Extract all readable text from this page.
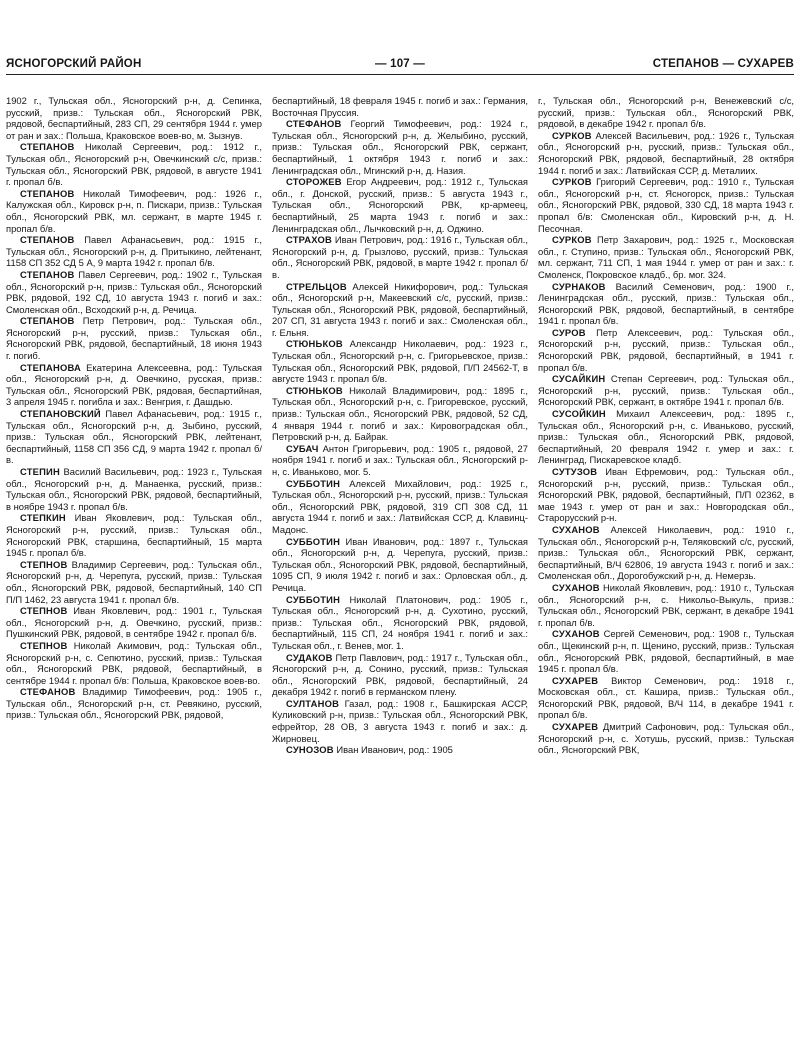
ЯСНОГОРСКИЙ РАЙОН	— 107 —	СТЕПАНОВ — СУХАРЕВ

1902 г., Тульская обл., Ясногорский р-н, д. Сепинка, русский, призв.: Тульская обл., Ясногорский РВК, рядовой, беспартийный, 283 СП, 29 сентября 1944 г. умер от ран и зах.: Польша, Краковское воев-во, м. Зызнув.

СТЕПАНОВ Николай Сергеевич, род.: 1912 г., Тульская обл., Ясногорский р-н, Овечкинский с/с, призв.: Тульская обл., Ясногорский РВК, рядовой, в августе 1941 г. пропал б/в.

СТЕПАНОВ Николай Тимофеевич, род.: 1926 г., Калужская обл., Кировск р-н, п. Пискари, призв.: Тульская обл., Ясногорский РВК, мл. сержант, в марте 1945 г. пропал б/в.

СТЕПАНОВ Павел Афанасьевич, род.: 1915 г., Тульская обл., Ясногорский р-н, д. Притыкино, лейтенант, 1158 СП 352 СД 5 А, 9 марта 1942 г. пропал б/в.

СТЕПАНОВ Павел Сергеевич, род.: 1902 г., Тульская обл., Ясногорский р-н, призв.: Тульская обл., Ясногорский РВК, рядовой, 192 СД, 10 августа 1943 г. погиб и зах.: Смоленская обл., Всходский р-н, д. Речица.

СТЕПАНОВ Петр Петрович, род.: Тульская обл., Ясногорский р-н, русский, призв.: Тульская обл., Ясногорский РВК, рядовой, беспартийный, 18 июня 1943 г. погиб.

СТЕПАНОВА Екатерина Алексеевна, род.: Тульская обл., Ясногорский р-н, д. Овечкино, русская, призв.: Тульская обл., Ясногорский РВК, рядовая, беспартийная, 3 апреля 1945 г. погибла и зах.: Венгрия, г. Дашдью.

СТЕПАНОВСКИЙ Павел Афанасьевич, род.: 1915 г., Тульская обл., Ясногорский р-н, д. Зыбино, русский, призв.: Тульская обл., Ясногорский РВК, лейтенант, беспартийный, 1158 СП 356 СД, 9 марта 1942 г. пропал б/в.

СТЕПИН Василий Васильевич, род.: 1923 г., Тульская обл., Ясногорский р-н, д. Манаенка, русский, призв.: Тульская обл., Ясногорский РВК, рядовой, беспартийный, в ноябре 1943 г. пропал б/в.

СТЕПКИН Иван Яковлевич, род.: Тульская обл., Ясногорский р-н, русский, призв.: Тульская обл., Ясногорский РВК, старшина, беспартийный, 15 марта 1945 г. пропал б/в.

СТЕПНОВ Владимир Сергеевич, род.: Тульская обл., Ясногорский р-н, д. Черепуга, русский, призв.: Тульская обл., Ясногорский РВК, рядовой, беспартийный, 140 СП П/П 1462, 23 августа 1941 г. пропал б/в.

СТЕПНОВ Иван Яковлевич, род.: 1901 г., Тульская обл., Ясногорский р-н, д. Овечкино, русский, призв.: Пушкинский РВК, рядовой, в сентябре 1942 г. пропал б/в.

СТЕПНОВ Николай Акимович, род.: Тульская обл., Ясногорский р-н, с. Сепютино, русский, призв.: Тульская обл., Ясногорский РВК, рядовой, беспартийный, в сентябре 1944 г. пропал б/в: Польша, Краковское воев-во.

СТЕФАНОВ Владимир Тимофеевич, род.: 1905 г., Тульская обл., Ясногорский р-н, ст. Ревякино, русский, призв.: Тульская обл., Ясногорский РВК, рядовой,

беспартийный, 18 февраля 1945 г. погиб и зах.: Германия, Восточная Пруссия.

СТЕФАНОВ Георгий Тимофеевич, род.: 1924 г., Тульская обл., Ясногорский р-н, д. Желыбино, русский, призв.: Тульская обл., Ясногорский РВК, сержант, беспартийный, 1 октября 1943 г. погиб и зах.: Ленинградская обл., Мгинский р-н, д. Назия.

СТОРОЖЕВ Егор Андреевич, род.: 1912 г., Тульская обл., г. Донской, русский, призв.: 5 августа 1943 г., Тульская обл., Ясногорский РВК, кр-армеец, беспартийный, 25 марта 1943 г. погиб и зах.: Ленинградская обл., Лычковский р-н, д. Оджино.

СТРАХОВ Иван Петрович, род.: 1916 г., Тульская обл., Ясногорский р-н, д. Грызлово, русский, призв.: Тульская обл., Ясногорский РВК, рядовой, в марте 1942 г. пропал б/в.

СТРЕЛЬЦОВ Алексей Никифорович, род.: Тульская обл., Ясногорский р-н, Макеевский с/с, русский, призв.: Тульская обл., Ясногорский РВК, рядовой, беспартийный, 207 СП, 31 августа 1943 г. погиб и зах.: Смоленская обл., г. Ельня.

СТЮНЬКОВ Александр Николаевич, род.: 1923 г., Тульская обл., Ясногорский р-н, с. Григорьевское, призв.: Тульская обл., Ясногорский РВК, рядовой, П/П 24562-Т, в августе 1943 г. пропал б/в.

СТЮНЬКОВ Николай Владимирович, род.: 1895 г., Тульская обл., Ясногорский р-н, с. Григоревское, русский, призв.: Тульская обл., Ясногорский РВК, рядовой, 52 СД, 4 января 1944 г. погиб и зах.: Кировоградская обл., Петровский р-н, д. Байрак.

СУБАЧ Антон Григорьевич, род.: 1905 г., рядовой, 27 ноября 1941 г. погиб и зах.: Тульская обл., Ясногорский р-н, с. Иваньково, мог. 5.

СУББОТИН Алексей Михайлович, род.: 1925 г., Тульская обл., Ясногорский р-н, русский, призв.: Тульская обл., Ясногорский РВК, рядовой, 319 СП 308 СД, 11 августа 1944 г. погиб и зах.: Латвийская ССР, д. Клавинц-Мадонс.

СУББОТИН Иван Иванович, род.: 1897 г., Тульская обл., Ясногорский р-н, д. Черепуга, русский, призв.: Тульская обл., Ясногорский РВК, рядовой, беспартийный, 1095 СП, 9 июля 1942 г. погиб и зах.: Орловская обл., д. Речица.

СУББОТИН Николай Платонович, род.: 1905 г., Тульская обл., Ясногорский р-н, д. Сухотино, русский, призв.: Тульская обл., Ясногорский РВК, рядовой, беспартийный, 115 СП, 24 ноября 1941 г. погиб и зах.: Тульская обл., г. Венев, мог. 1.

СУДАКОВ Петр Павлович, род.: 1917 г., Тульская обл., Ясногорский р-н, д. Сонино, русский, призв.: Тульская обл., Ясногорский РВК, рядовой, беспартийный, 24 декабря 1942 г. погиб в германском плену.

СУЛТАНОВ Газал, род.: 1908 г., Башкирская АССР, Куликовский р-н, призв.: Тульская обл., Ясногорский РВК, ефрейтор, 28 ОВ, 3 августа 1943 г. погиб и зах.: д. Жирновец.

СУНОЗОВ Иван Иванович, род.: 1905

г., Тульская обл., Ясногорский р-н, Венежевский с/с, русский, призв.: Тульская обл., Ясногорский РВК, рядовой, в декабре 1942 г. пропал б/в.

СУРКОВ Алексей Васильевич, род.: 1926 г., Тульская обл., Ясногорский р-н, русский, призв.: Тульская обл., Ясногорский РВК, рядовой, беспартийный, 28 октября 1944 г. погиб и зах.: Латвийская ССР, д. Металиих.

СУРКОВ Григорий Сергеевич, род.: 1910 г., Тульская обл., Ясногорский р-н, ст. Ясногорск, призв.: Тульская обл., Ясногорский РВК, рядовой, 330 СД, 18 марта 1943 г. пропал б/в: Смоленская обл., Кировский р-н, д. Н. Песочная.

СУРКОВ Петр Захарович, род.: 1925 г., Московская обл., г. Ступино, призв.: Тульская обл., Ясногорский РВК, мл. сержант, 711 СП, 1 мая 1944 г. умер от ран и зах.: г. Смоленск, Покровское кладб., бр. мог. 324.

СУРНАКОВ Василий Семенович, род.: 1900 г., Ленинградская обл., русский, призв.: Тульская обл., Ясногорский РВК, рядовой, беспартийный, в сентябре 1941 г. пропал б/в.

СУРОВ Петр Алексеевич, род.: Тульская обл., Ясногорский р-н, русский, призв.: Тульская обл., Ясногорский РВК, рядовой, беспартийный, в 1941 г. пропал б/в.

СУСАЙКИН Степан Сергеевич, род.: Тульская обл., Ясногорский р-н, русский, призв.: Тульская обл., Ясногорский РВК, сержант, в октябре 1941 г. пропал б/в.

СУСОЙКИН Михаил Алексеевич, род.: 1895 г., Тульская обл., Ясногорский р-н, с. Иваньково, русский, призв.: Тульская обл., Ясногорский РВК, рядовой, беспартийный, 20 февраля 1942 г. умер и зах.: г. Ленинград, Пискаревское кладб.

СУТУЗОВ Иван Ефремович, род.: Тульская обл., Ясногорский р-н, русский, призв.: Тульская обл., Ясногорский РВК, рядовой, беспартийный, П/П 02362, в мае 1943 г. умер от ран и зах.: Новгородская обл., Старорусский р-н.

СУХАНОВ Алексей Николаевич, род.: 1910 г., Тульская обл., Ясногорский р-н, Теляковский с/с, русский, призв.: Тульская обл., Ясногорский РВК, сержант, беспартийный, В/Ч 62806, 19 августа 1943 г. погиб и зах.: Смоленская обл., Дорогобужский р-н, д. Немерзь.

СУХАНОВ Николай Яковлевич, род.: 1910 г., Тульская обл., Ясногорский р-н, с. Никольо-Выкуль, призв.: Тульская обл., Ясногорский РВК, сержант, в декабре 1941 г. пропал б/в.

СУХАНОВ Сергей Семенович, род.: 1908 г., Тульская обл., Щекинский р-н, п. Щенино, русский, призв.: Тульская обл., Ясногорский РВК, рядовой, беспартийный, в мае 1945 г. пропал б/в.

СУХАРЕВ Виктор Семенович, род.: 1918 г., Московская обл., ст. Кашира, призв.: Тульская обл., Ясногорский РВК, рядовой, В/Ч 114, в декабре 1941 г. пропал б/в.

СУХАРЕВ Дмитрий Сафонович, род.: Тульская обл., Ясногорский р-н, с. Хотушь, русский, призв.: Тульская обл., Ясногорский РВК,
